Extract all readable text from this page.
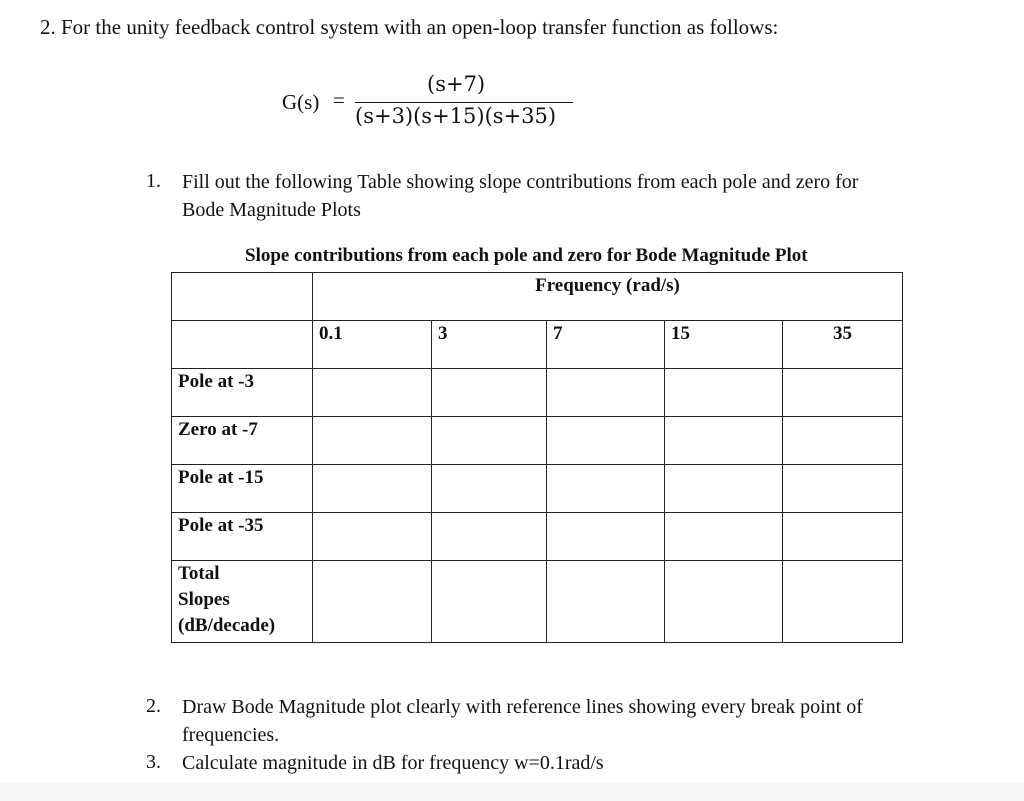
2. For the unity feedback control system with an open-loop transfer function as follows:
G(s) =
(s+7)
(s+3)(s+15)(s+35)
1. Fill out the following Table showing slope contributions from each pole and zero for
Bode Magnitude Plots
Slope contributions from each pole and zero for Bode Magnitude Plot
	Frequency (rad/s)				
	0.1	3	7	15	35
Pole at -3					
Zero at -7					
Pole at -15					
Pole at -35					

Total
Slopes
(dB/decade)					

2. Draw Bode Magnitude plot clearly with reference lines showing every break point of
frequencies.
3. Calculate magnitude in dB for frequency w=0.1rad/s
